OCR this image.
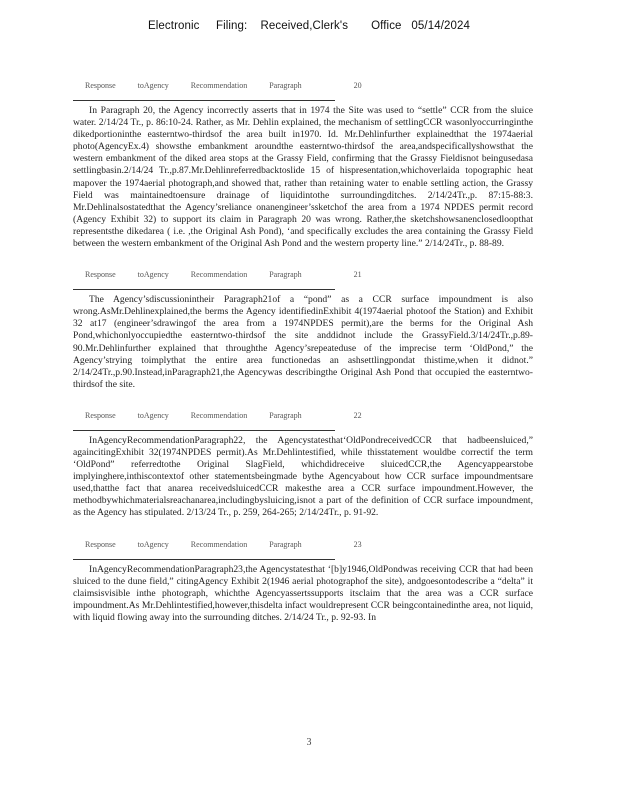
Electronic     Filing:    Received,Clerk's       Office   05/14/2024

Response	toAgency	Recommendation	Paragraph	20

In Paragraph 20, the Agency incorrectly asserts that in 1974 the Site was used to “settle” CCR from the sluice water. 2/14/24 Tr., p. 86:10-24. Rather, as Mr. Dehlin explained, the mechanism of settlingCCR wasonlyoccurringinthe dikedportioninthe easterntwo-thirdsof the area built in1970. Id. Mr.Dehlinfurther explainedthat the 1974aerial photo(AgencyEx.4) showsthe embankment aroundthe easterntwo-thirdsof the area,andspecificallyshowsthat the western embankment of the diked area stops at the Grassy Field, confirming that the Grassy Fieldisnot beingusedasa settlingbasin.2/14/24 Tr.,p.87.Mr.Dehlinreferredbacktoslide 15 of hispresentation,whichoverlaida topographic heat mapover the 1974aerial photograph,and showed that, rather than retaining water to enable settling action, the Grassy Field was maintainedtoensure drainage of liquidintothe surroundingditches. 2/14/24Tr.,p. 87:15-88:3. Mr.Dehlinalsostatedthat the Agency’sreliance onanengineer’ssketchof the area from a 1974 NPDES permit record (Agency Exhibit 32) to support its claim in Paragraph 20 was wrong. Rather,the sketchshowsanenclosedloopthat representsthe dikedarea ( i.e. ,the Original Ash Pond), ‘and specifically excludes the area containing the Grassy Field between the western embankment of the Original Ash Pond and the western property line.” 2/14/24Tr., p. 88-89.

Response	toAgency	Recommendation	Paragraph	21

The Agency’sdiscussionintheir Paragraph21of a “pond” as a CCR surface impoundment is also wrong.AsMr.Dehlinexplained,the berms the Agency identifiedinExhibit 4(1974aerial photoof the Station) and Exhibit 32 at17 (engineer’sdrawingof the area from a 1974NPDES permit),are the berms for the Original Ash Pond,whichonlyoccupiedthe easterntwo-thirdsof the site anddidnot include the GrassyField.3/14/24Tr.,p.89-90.Mr.Dehlinfurther explained that throughthe Agency’srepeateduse of the imprecise term ‘OldPond,” the Agency’strying toimplythat the entire area functionedas an ashsettlingpondat thistime,when it didnot.” 2/14/24Tr.,p.90.Instead,inParagraph21,the Agencywas describingthe Original Ash Pond that occupied the easterntwo-thirdsof the site.

Response	toAgency	Recommendation	Paragraph	22

InAgencyRecommendationParagraph22, the Agencystatesthat‘OldPondreceivedCCR that hadbeensluiced,” againcitingExhibit 32(1974NPDES permit).As Mr.Dehlintestified, while thisstatement wouldbe correctif the term ‘OldPond” referredtothe Original SlagField, whichdidreceive sluicedCCR,the Agencyappearstobe implyinghere,inthiscontextof other statementsbeingmade bythe Agencyabout how CCR surface impoundmentsare used,thatthe fact that anarea receivedsluicedCCR makesthe area a CCR surface impoundment.However, the methodbywhichmaterialsreachanarea,includingbysluicing,isnot a part of the definition of CCR surface impoundment, as the Agency has stipulated. 2/13/24 Tr., p. 259, 264-265; 2/14/24Tr., p. 91-92.

Response	toAgency	Recommendation	Paragraph	23

InAgencyRecommendationParagraph23,the Agencystatesthat ‘[b]y1946,OldPondwas receiving CCR that had been sluiced to the dune field,” citingAgency Exhibit 2(1946 aerial photographof the site), andgoesontodescribe a “delta” it claimsisvisible inthe photograph, whichthe Agencyassertssupports itsclaim that the area was a CCR surface impoundment.As Mr.Dehlintestified,however,thisdelta infact wouldrepresent CCR beingcontainedinthe area, not liquid, with liquid flowing away into the surrounding ditches. 2/14/24 Tr., p. 92-93. In

3
